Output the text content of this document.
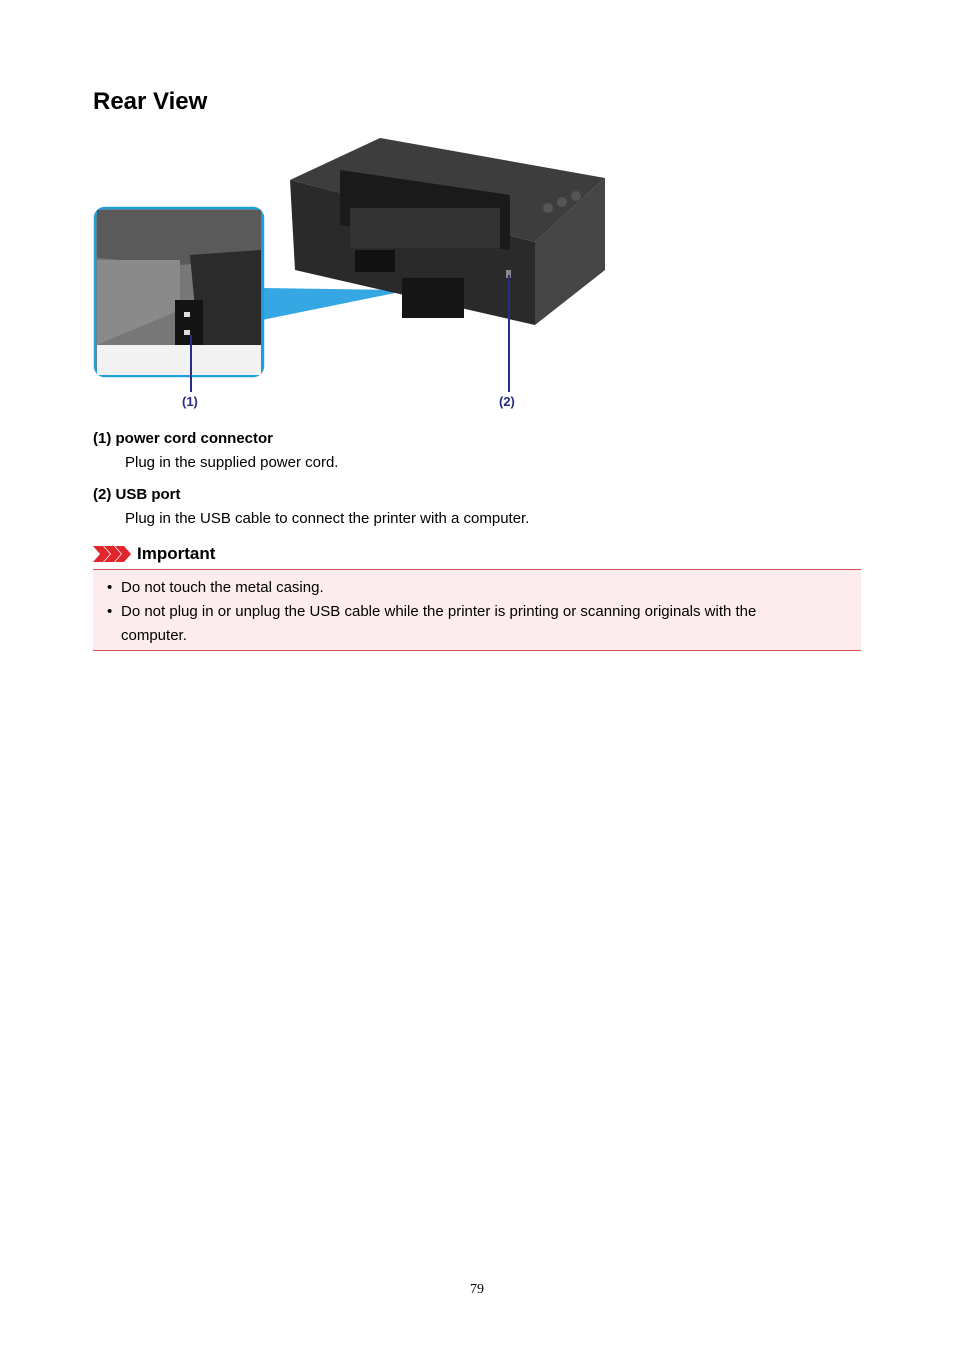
Rear View
(1)	(2)
(1) power cord connector
Plug in the supplied power cord.
(2) USB port
Plug in the USB cable to connect the printer with a computer.
Important
• Do not touch the metal casing.
• Do not plug in or unplug the USB cable while the printer is printing or scanning originals with the computer.
79
